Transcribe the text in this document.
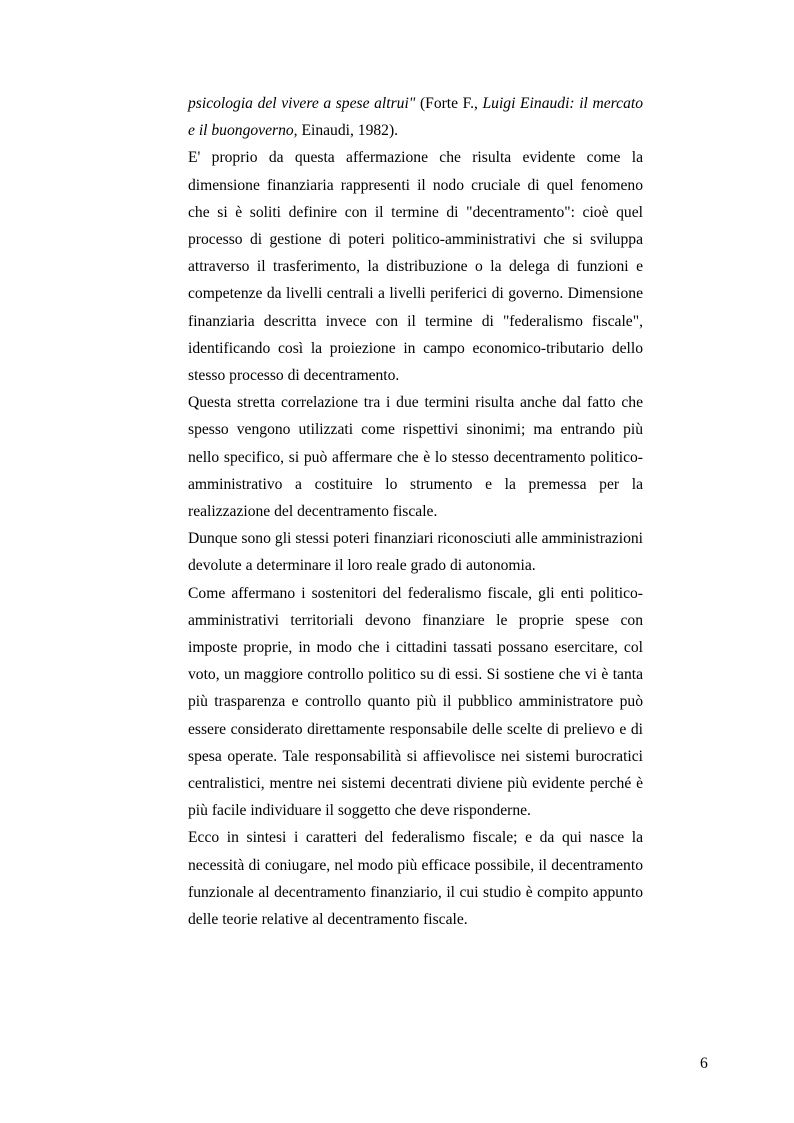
psicologia del vivere a spese altrui" (Forte F., Luigi Einaudi: il mercato e il buongoverno, Einaudi, 1982).

E' proprio da questa affermazione che risulta evidente come la dimensione finanziaria rappresenti il nodo cruciale di quel fenomeno che si è soliti definire con il termine di "decentramento": cioè quel processo di gestione di poteri politico-amministrativi che si sviluppa attraverso il trasferimento, la distribuzione o la delega di funzioni e competenze da livelli centrali a livelli periferici di governo. Dimensione finanziaria descritta invece con il termine di "federalismo fiscale", identificando così la proiezione in campo economico-tributario dello stesso processo di decentramento.

Questa stretta correlazione tra i due termini risulta anche dal fatto che spesso vengono utilizzati come rispettivi sinonimi; ma entrando più nello specifico, si può affermare che è lo stesso decentramento politico-amministrativo a costituire lo strumento e la premessa per la realizzazione del decentramento fiscale.

Dunque sono gli stessi poteri finanziari riconosciuti alle amministrazioni devolute a determinare il loro reale grado di autonomia.

Come affermano i sostenitori del federalismo fiscale, gli enti politico-amministrativi territoriali devono finanziare le proprie spese con imposte proprie, in modo che i cittadini tassati possano esercitare, col voto, un maggiore controllo politico su di essi. Si sostiene che vi è tanta più trasparenza e controllo quanto più il pubblico amministratore può essere considerato direttamente responsabile delle scelte di prelievo e di spesa operate. Tale responsabilità si affievolisce nei sistemi burocratici centralistici, mentre nei sistemi decentrati diviene più evidente perché è più facile individuare il soggetto che deve risponderne.

Ecco in sintesi i caratteri del federalismo fiscale; e da qui nasce la necessità di coniugare, nel modo più efficace possibile, il decentramento funzionale al decentramento finanziario, il cui studio è compito appunto delle teorie relative al decentramento fiscale.

6
